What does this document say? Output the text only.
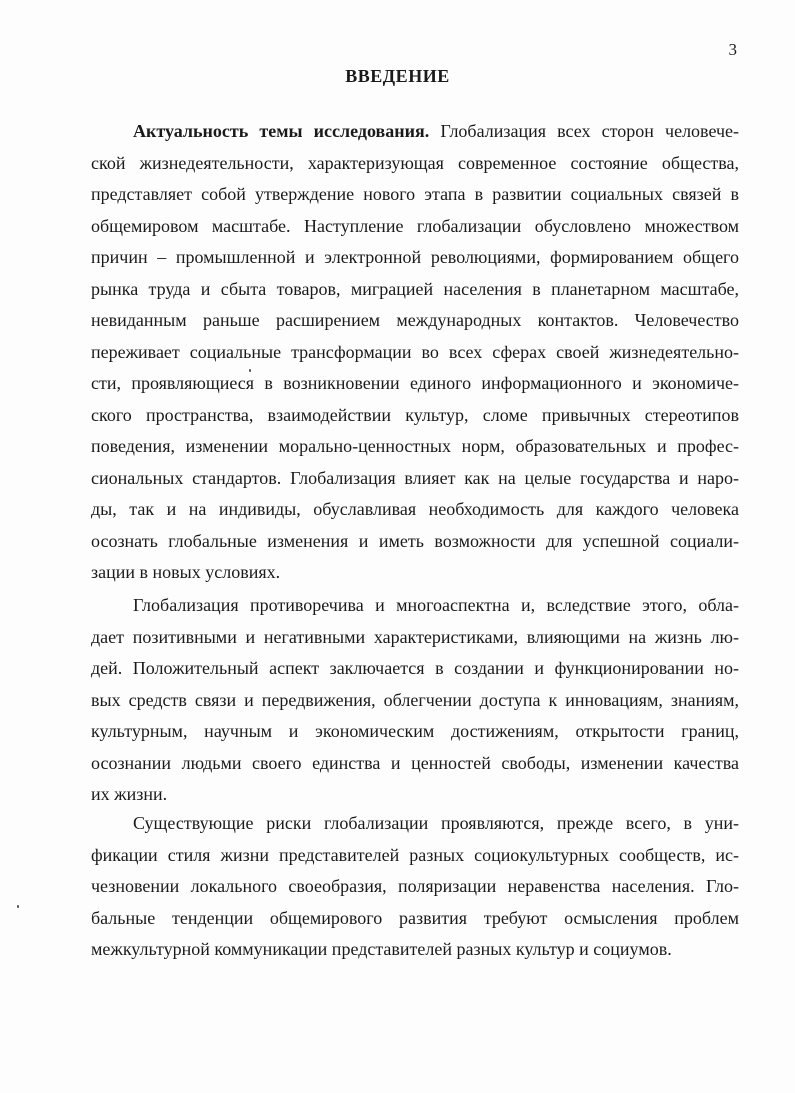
3
ВВЕДЕНИЕ
Актуальность темы исследования. Глобализация всех сторон человече-
ской жизнедеятельности, характеризующая современное состояние общества,
представляет собой утверждение нового этапа в развитии социальных связей в
общемировом масштабе. Наступление глобализации обусловлено множеством
причин – промышленной и электронной революциями, формированием общего
рынка труда и сбыта товаров, миграцией населения в планетарном масштабе,
невиданным раньше расширением международных контактов. Человечество
переживает социальные трансформации во всех сферах своей жизнедеятельно-
сти, проявляющиеся в возникновении единого информационного и экономиче-
ского пространства, взаимодействии культур, сломе привычных стереотипов
поведения, изменении морально-ценностных норм, образовательных и профес-
сиональных стандартов. Глобализация влияет как на целые государства и наро-
ды, так и на индивиды, обуславливая необходимость для каждого человека
осознать глобальные изменения и иметь возможности для успешной социали-
зации в новых условиях.
Глобализация противоречива и многоаспектна и, вследствие этого, обла-
дает позитивными и негативными характеристиками, влияющими на жизнь лю-
дей. Положительный аспект заключается в создании и функционировании но-
вых средств связи и передвижения, облегчении доступа к инновациям, знаниям,
культурным, научным и экономическим достижениям, открытости границ,
осознании людьми своего единства и ценностей свободы, изменении качества
их жизни.
Существующие риски глобализации проявляются, прежде всего, в уни-
фикации стиля жизни представителей разных социокультурных сообществ, ис-
чезновении локального своеобразия, поляризации неравенства населения. Гло-
бальные тенденции общемирового развития требуют осмысления проблем
межкультурной коммуникации представителей разных культур и социумов.
